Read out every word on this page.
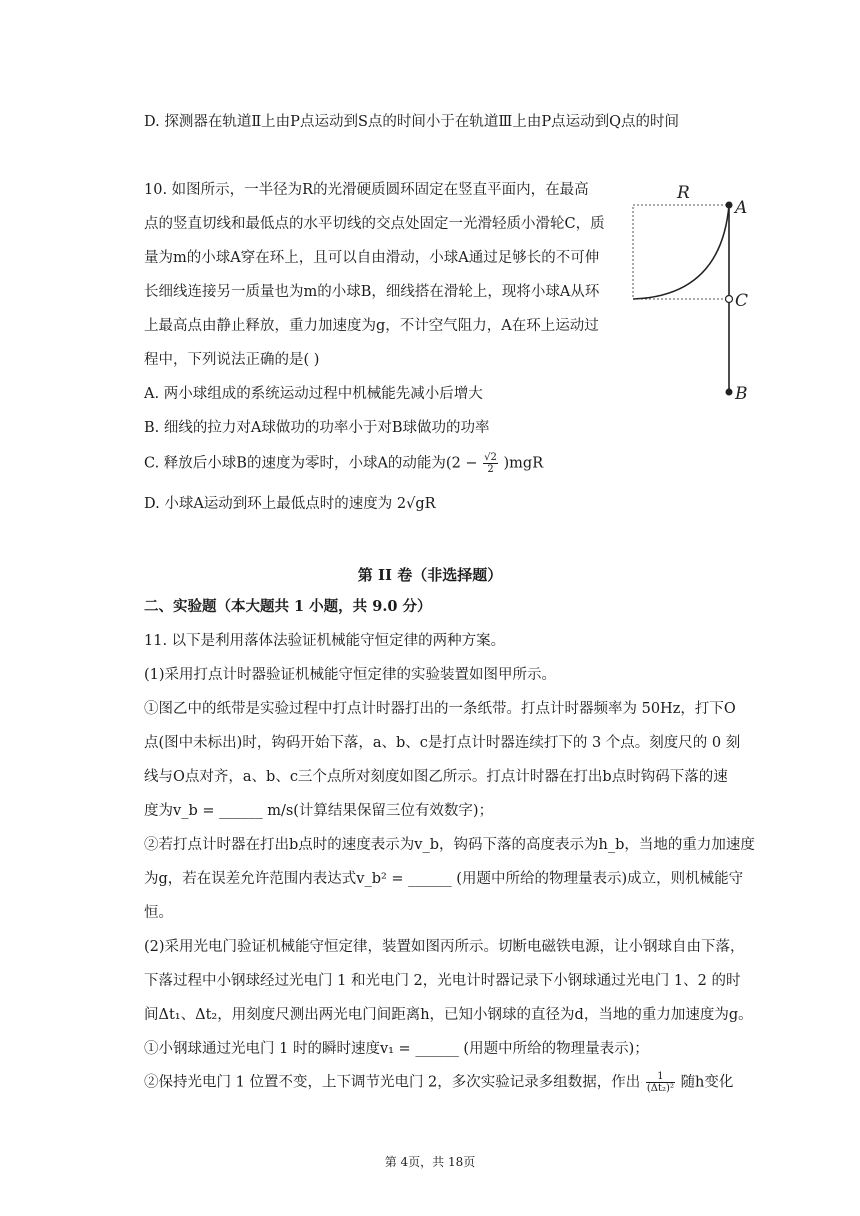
D. 探测器在轨道Ⅱ上由P点运动到S点的时间小于在轨道Ⅲ上由P点运动到Q点的时间
10. 如图所示，一半径为R的光滑硬质圆环固定在竖直平面内，在最高
点的竖直切线和最低点的水平切线的交点处固定一光滑轻质小滑轮C，质
量为m的小球A穿在环上，且可以自由滑动，小球A通过足够长的不可伸
长细线连接另一质量也为m的小球B，细线搭在滑轮上，现将小球A从环
上最高点由静止释放，重力加速度为g，不计空气阻力，A在环上运动过
程中，下列说法正确的是( )
A. 两小球组成的系统运动过程中机械能先减小后增大
B. 细线的拉力对A球做功的功率小于对B球做功的功率
C. 释放后小球B的速度为零时，小球A的动能为$(2 - \frac{√2}{2} )mgR$
D. 小球A运动到环上最低点时的速度为 2√gR
R
A
C
B
第 II 卷（非选择题）
二、实验题（本大题共 1 小题，共 9.0 分）
11. 以下是利用落体法验证机械能守恒定律的两种方案。
(1)采用打点计时器验证机械能守恒定律的实验装置如图甲所示。
①图乙中的纸带是实验过程中打点计时器打出的一条纸带。打点计时器频率为 50Hz，打下O
点(图中未标出)时，钩码开始下落，a、b、c是打点计时器连续打下的 3 个点。刻度尺的 0 刻
线与O点对齐，a、b、c三个点所对刻度如图乙所示。打点计时器在打出b点时钩码下落的速
度为v_b = ______ m/s(计算结果保留三位有效数字)；
②若打点计时器在打出b点时的速度表示为v_b，钩码下落的高度表示为h_b，当地的重力加速度
为g，若在误差允许范围内表达式v_b² = ______ (用题中所给的物理量表示)成立，则机械能守
恒。
(2)采用光电门验证机械能守恒定律，装置如图丙所示。切断电磁铁电源，让小钢球自由下落，
下落过程中小钢球经过光电门 1 和光电门 2，光电计时器记录下小钢球通过光电门 1、2 的时
间Δt₁、Δt₂，用刻度尺测出两光电门间距离h，已知小钢球的直径为d，当地的重力加速度为g。
①小钢球通过光电门 1 时的瞬时速度v₁ = ______ (用题中所给的物理量表示)；
②保持光电门 1 位置不变，上下调节光电门 2，多次实验记录多组数据，作出 $\frac{1}{\text{(Δt₂)²}}$ 随h变化
第 4页，共 18页
